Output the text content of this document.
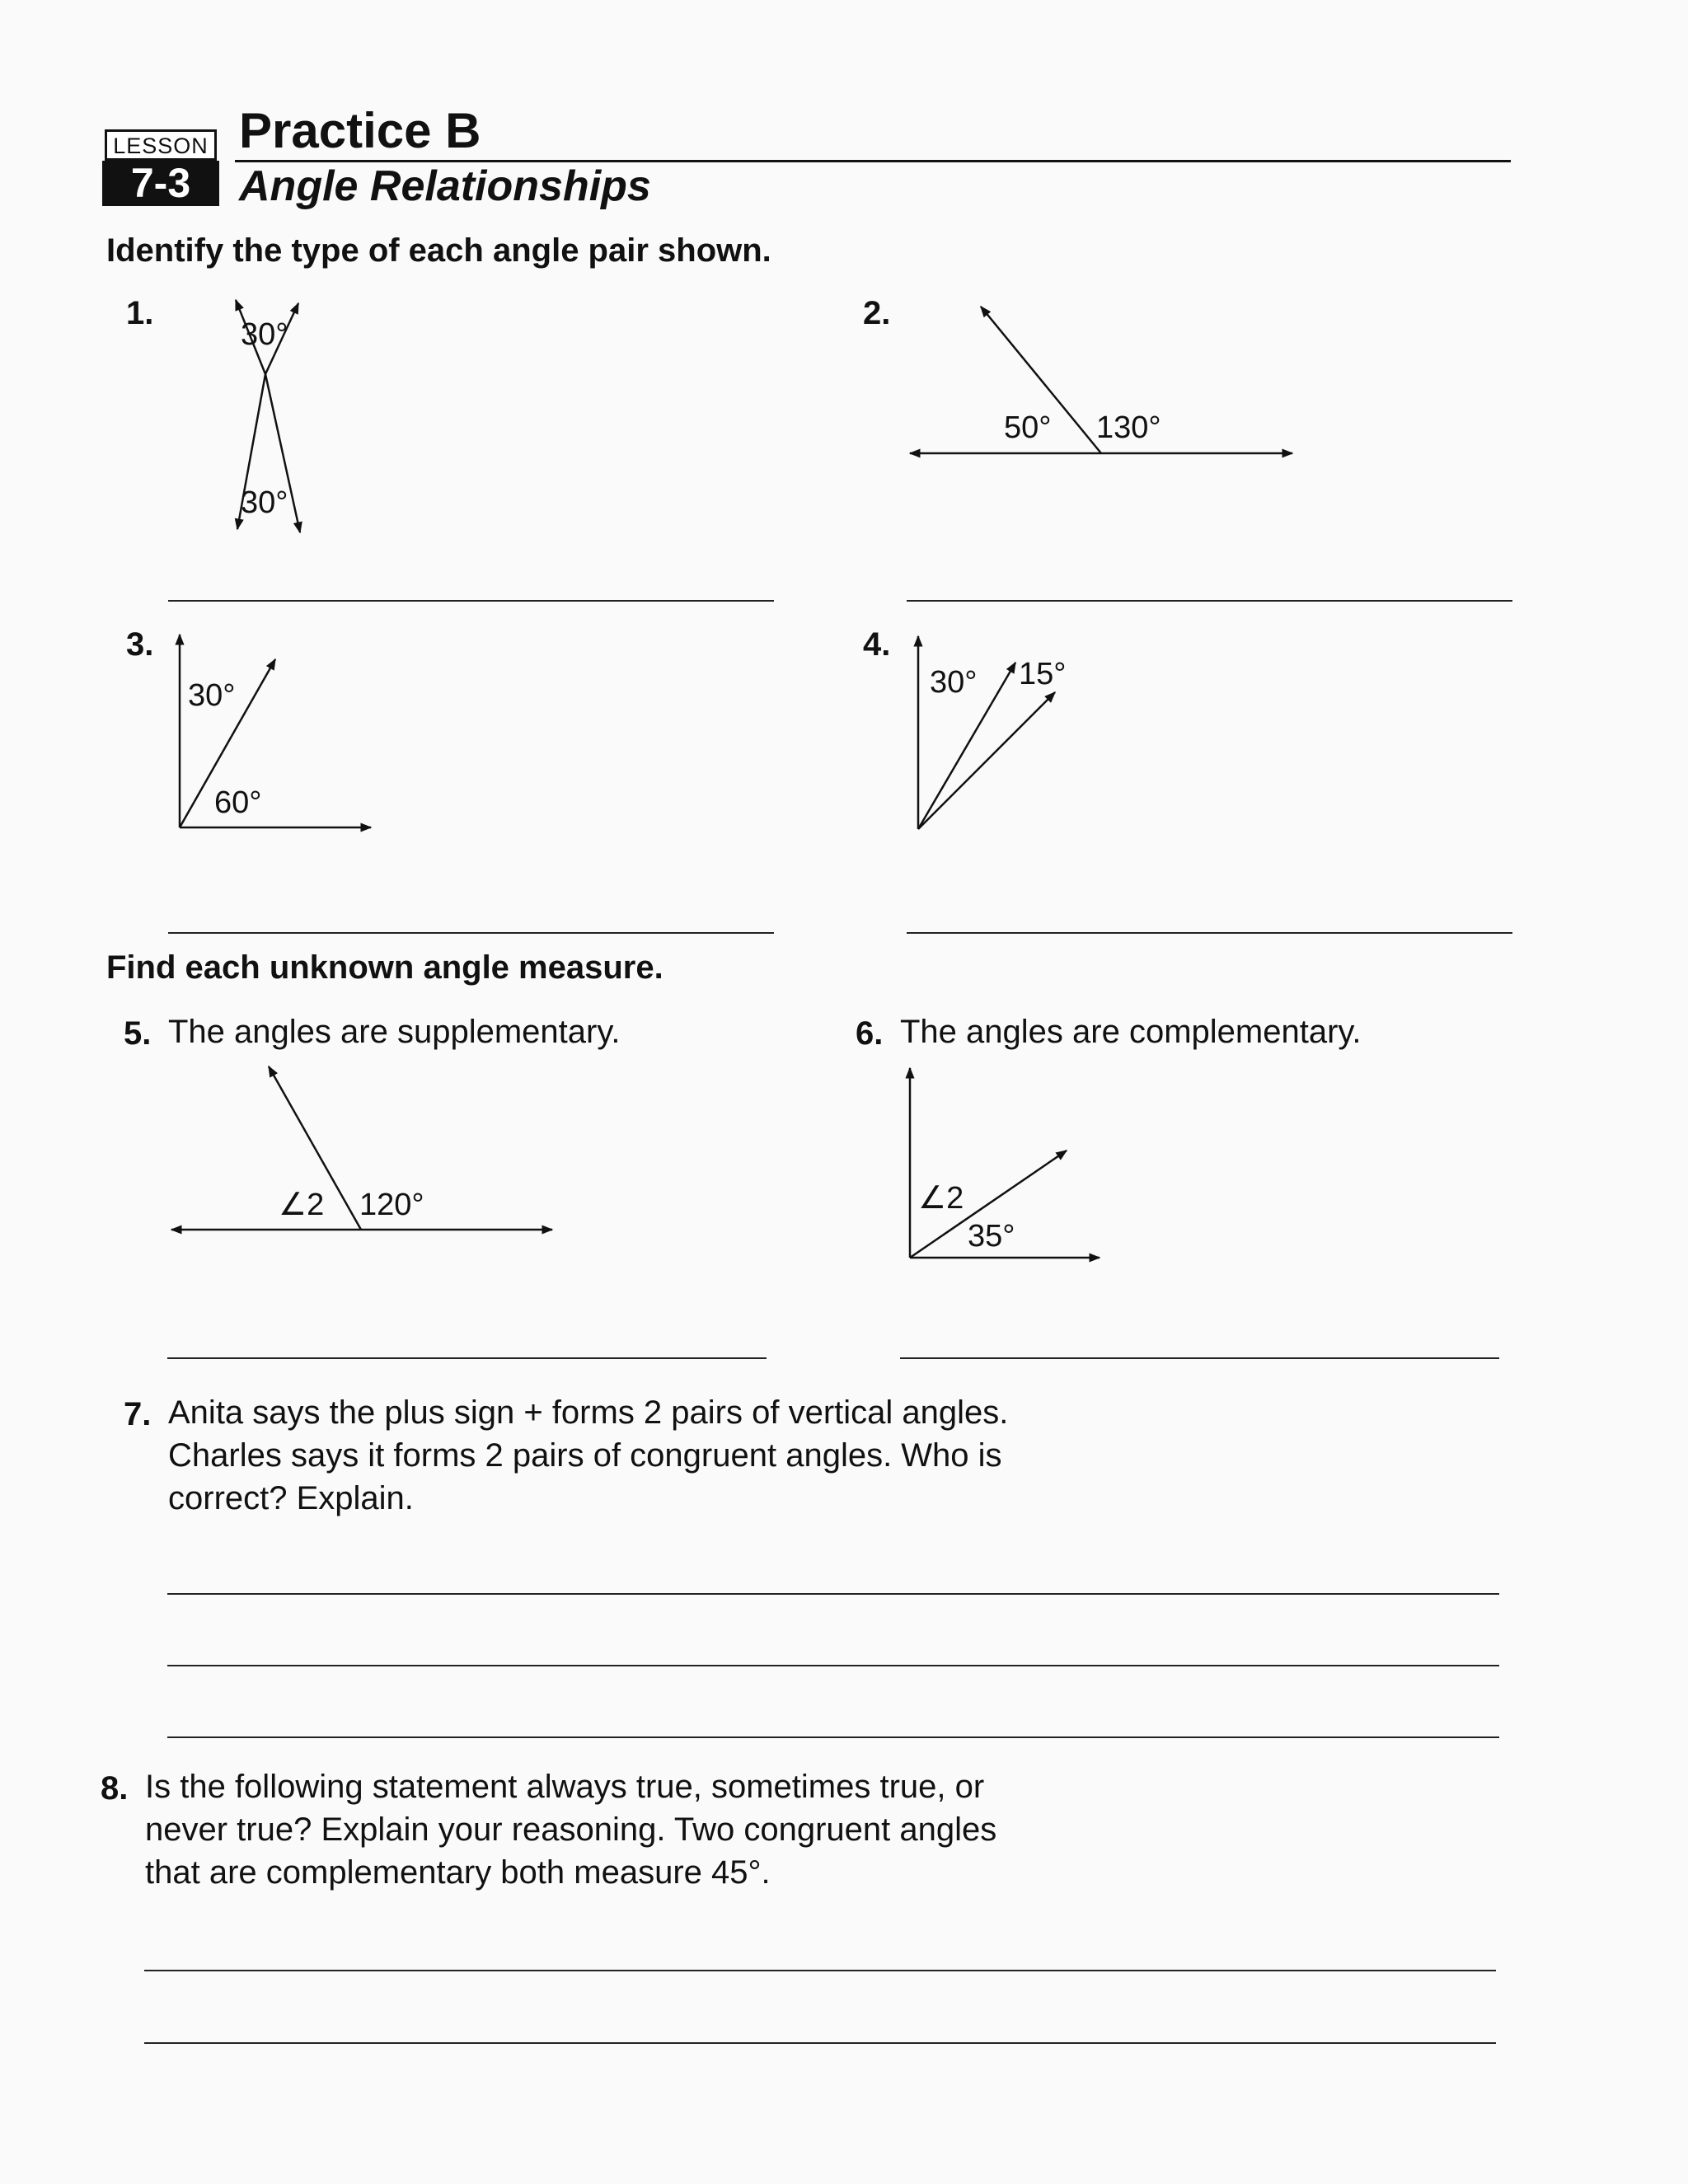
LESSON
7-3
Practice B
Angle Relationships
Identify the type of each angle pair shown.
1.	2.
3.	4.
Find each unknown angle measure.
5. The angles are supplementary.	6. The angles are complementary.
7. Anita says the plus sign + forms 2 pairs of vertical angles.
Charles says it forms 2 pairs of congruent angles. Who is
correct? Explain.
8. Is the following statement always true, sometimes true, or
never true? Explain your reasoning. Two congruent angles
that are complementary both measure 45°.
30°
30°
50° 130°
30°
60°
30° 15°
∠2 120°	∠2
35°
